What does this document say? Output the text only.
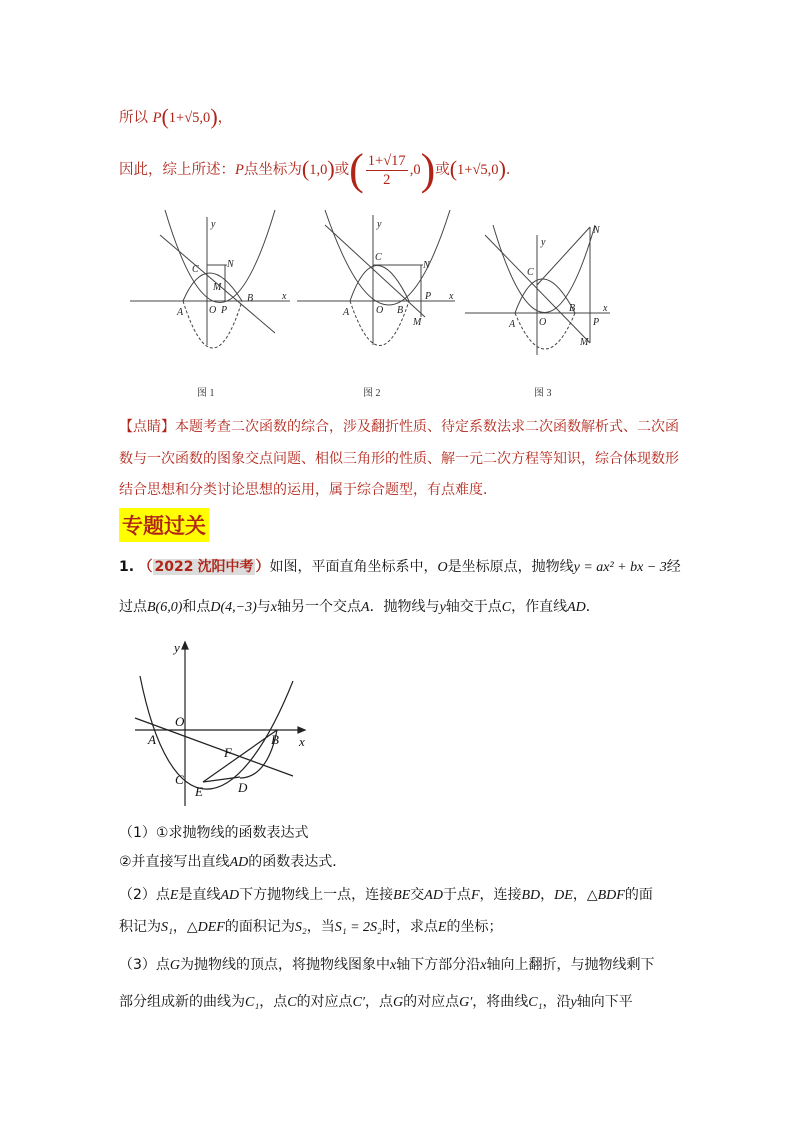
所以 P(1+√5,0)，
因此，综上所述：P点坐标为(1,0)或( $\frac{1+√17}{2} ,0$)或(1+√5,0)．
y
x
C	N
M
A	O P
B
y
x
C
N
P
A	O B
M
y
x
N
C
A O
B
P
M
图 1	图 2	图 3
【点睛】本题考查二次函数的综合，涉及翻折性质、待定系数法求二次函数解析式、二次函
数与一次函数的图象交点问题、相似三角形的性质、解一元二次方程等知识，综合体现数形
结合思想和分类讨论思想的运用，属于综合题型，有点难度．
专题过关
1. （ 2022 沈阳中考 ）如图，平面直角坐标系中，O是坐标原点，抛物线y = ax² + bx − 3经
过点B(6,0)和点D(4,−3)与x轴另一个交点A．抛物线与y轴交于点C，作直线AD．
y
O
A	B x
F
C
E	D
（1）①求抛物线的函数表达式
②并直接写出直线AD的函数表达式．
（2）点E是直线AD下方抛物线上一点，连接BE交AD于点F，连接BD，DE，△BDF的面
积记为S₁，△DEF的面积记为S₂，当S₁ = 2S₂时，求点E的坐标；
（3）点G为抛物线的顶点，将抛物线图象中x轴下方部分沿x轴向上翻折，与抛物线剩下
部分组成新的曲线为C₁，点C的对应点C′，点G的对应点G′，将曲线C₁，沿y轴向下平
